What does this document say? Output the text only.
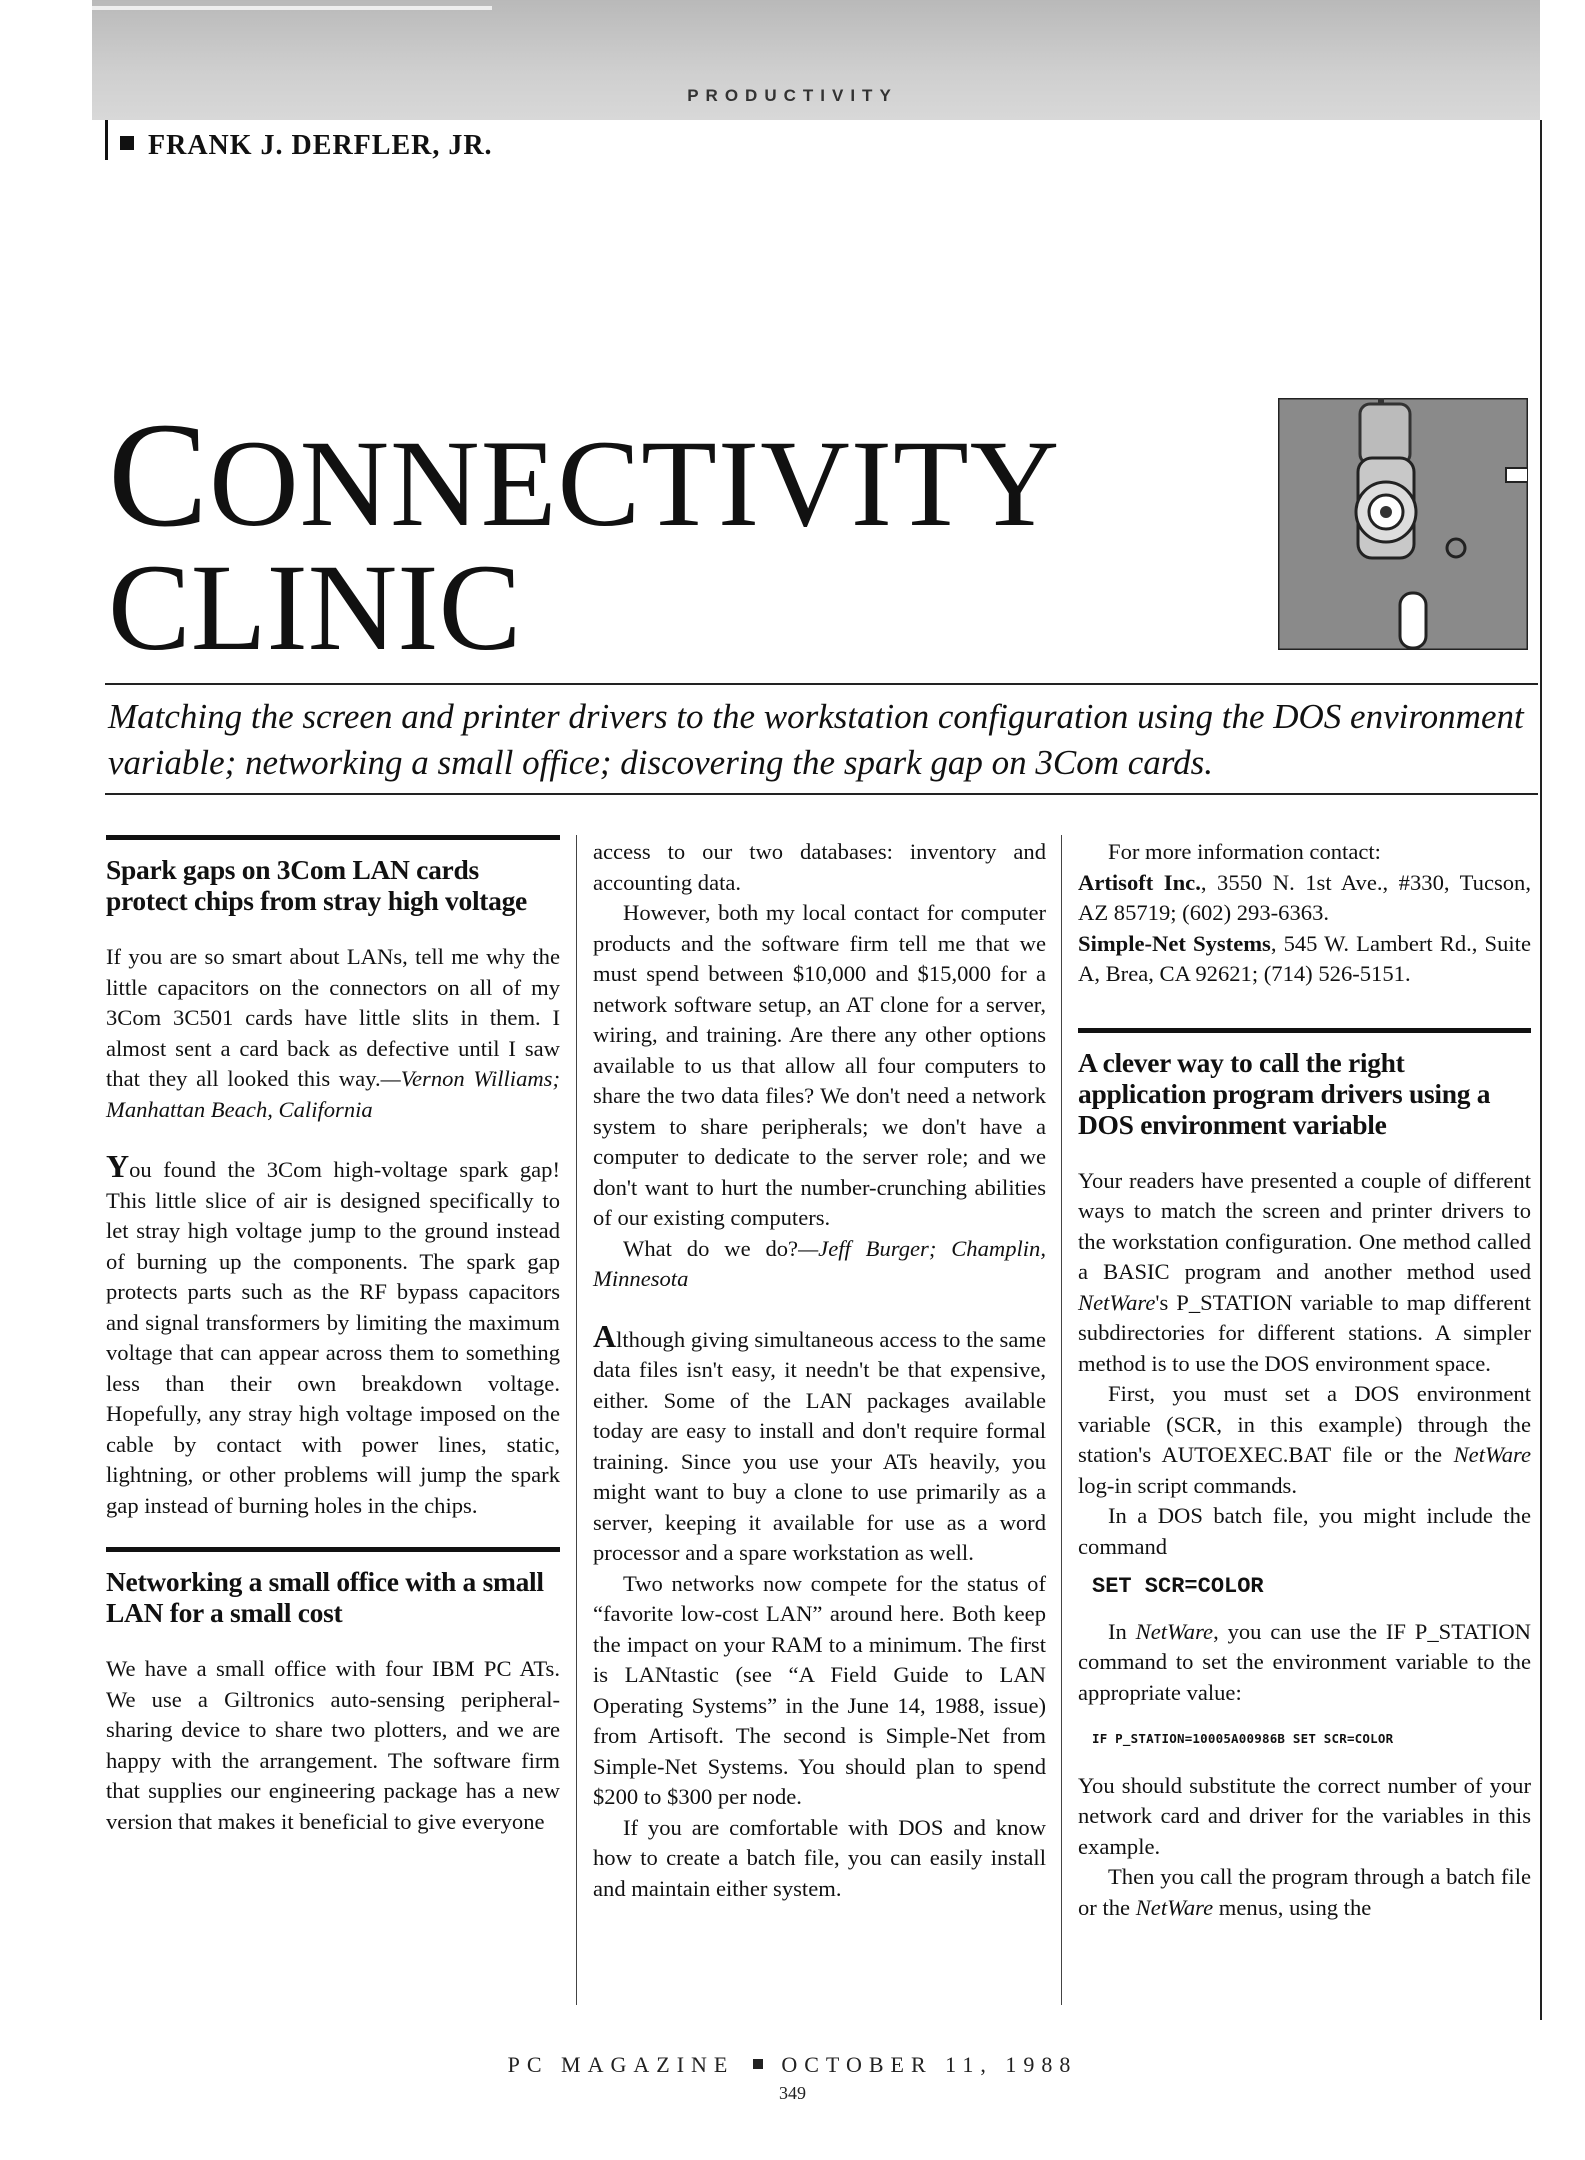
PRODUCTIVITY
FRANK J. DERFLER, JR.
CONNECTIVITY
CLINIC
Matching the screen and printer drivers to the workstation configuration using the DOS environment variable; networking a small office; discovering the spark gap on 3Com cards.
Spark gaps on 3Com LAN cards protect chips from stray high voltage

If you are so smart about LANs, tell me why the little capacitors on the connectors on all of my 3Com 3C501 cards have little slits in them. I almost sent a card back as defective until I saw that they all looked this way.—Vernon Williams; Manhattan Beach, California

You found the 3Com high-voltage spark gap! This little slice of air is designed specifically to let stray high voltage jump to the ground instead of burning up the components. The spark gap protects parts such as the RF bypass capacitors and signal transformers by limiting the maximum voltage that can appear across them to something less than their own breakdown voltage. Hopefully, any stray high voltage imposed on the cable by contact with power lines, static, lightning, or other problems will jump the spark gap instead of burning holes in the chips.

Networking a small office with a small LAN for a small cost

We have a small office with four IBM PC ATs. We use a Giltronics auto-sensing peripheral-sharing device to share two plotters, and we are happy with the arrangement. The software firm that supplies our engineering package has a new version that makes it beneficial to give everyone

access to our two databases: inventory and accounting data.

However, both my local contact for computer products and the software firm tell me that we must spend between $10,000 and $15,000 for a network software setup, an AT clone for a server, wiring, and training. Are there any other options available to us that allow all four computers to share the two data files? We don't need a network system to share peripherals; we don't have a computer to dedicate to the server role; and we don't want to hurt the number-crunching abilities of our existing computers.

What do we do?—Jeff Burger; Champlin, Minnesota

Although giving simultaneous access to the same data files isn't easy, it needn't be that expensive, either. Some of the LAN packages available today are easy to install and don't require formal training. Since you use your ATs heavily, you might want to buy a clone to use primarily as a server, keeping it available for use as a word processor and a spare workstation as well.

Two networks now compete for the status of “favorite low-cost LAN” around here. Both keep the impact on your RAM to a minimum. The first is LANtastic (see “A Field Guide to LAN Operating Systems” in the June 14, 1988, issue) from Artisoft. The second is Simple-Net from Simple-Net Systems. You should plan to spend $200 to $300 per node.

If you are comfortable with DOS and know how to create a batch file, you can easily install and maintain either system.

For more information contact:

Artisoft Inc., 3550 N. 1st Ave., #330, Tucson, AZ 85719; (602) 293-6363.

Simple-Net Systems, 545 W. Lambert Rd., Suite A, Brea, CA 92621; (714) 526-5151.

A clever way to call the right application program drivers using a DOS environment variable

Your readers have presented a couple of different ways to match the screen and printer drivers to the workstation configuration. One method called a BASIC program and another method used NetWare's P_STATION variable to map different subdirectories for different stations. A simpler method is to use the DOS environment space.

First, you must set a DOS environment variable (SCR, in this example) through the station's AUTOEXEC.BAT file or the NetWare log-in script commands.

In a DOS batch file, you might include the command

SET SCR=COLOR

In NetWare, you can use the IF P_STATION command to set the environment variable to the appropriate value:

IF P_STATION=10005A00986B SET SCR=COLOR

You should substitute the correct number of your network card and driver for the variables in this example.

Then you call the program through a batch file or the NetWare menus, using the

PC MAGAZINE OCTOBER 11, 1988
349
